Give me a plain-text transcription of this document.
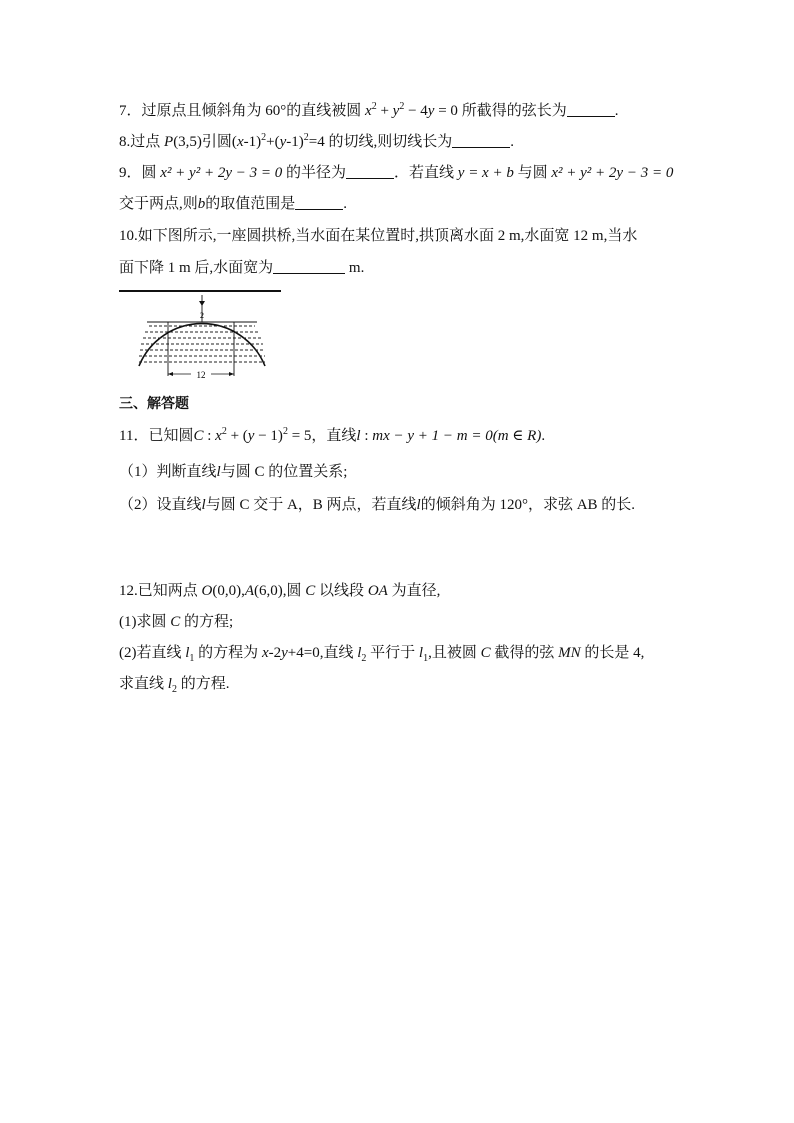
7．过原点且倾斜角为 60°的直线被圆 $x^2 + y^2 - 4y = 0$ 所截得的弦长为	.
8.过点 P(3,5)引圆$(x-1)^2+(y-1)^2=4$ 的切线,则切线长为	.
9．圆 x² + y² + 2y − 3 = 0 的半径为	．若直线 y = x + b 与圆 x² + y² + 2y − 3 = 0
交于两点,则b的取值范围是	.
10.如下图所示,一座圆拱桥,当水面在某位置时,拱顶离水面 2 m,水面宽 12 m,当水
面下降 1 m 后,水面宽为	m.
2
12
三、解答题
11．已知圆C : $x^2 + (y - 1)^2 = 5$，直线l : mx − y + 1 − m = 0(m ∈ R).
（1）判断直线l与圆 C 的位置关系;
（2）设直线l与圆 C 交于 A，B 两点，若直线l的倾斜角为 120°，求弦 AB 的长.
12.已知两点 O(0,0),A(6,0),圆 C 以线段 OA 为直径,
(1)求圆 C 的方程;
(2)若直线 $l_1$ 的方程为 x-2y+4=0,直线 $l_2$ 平行于 $l_1$,且被圆 C 截得的弦 MN 的长是 4,
求直线 $l_2$ 的方程.
